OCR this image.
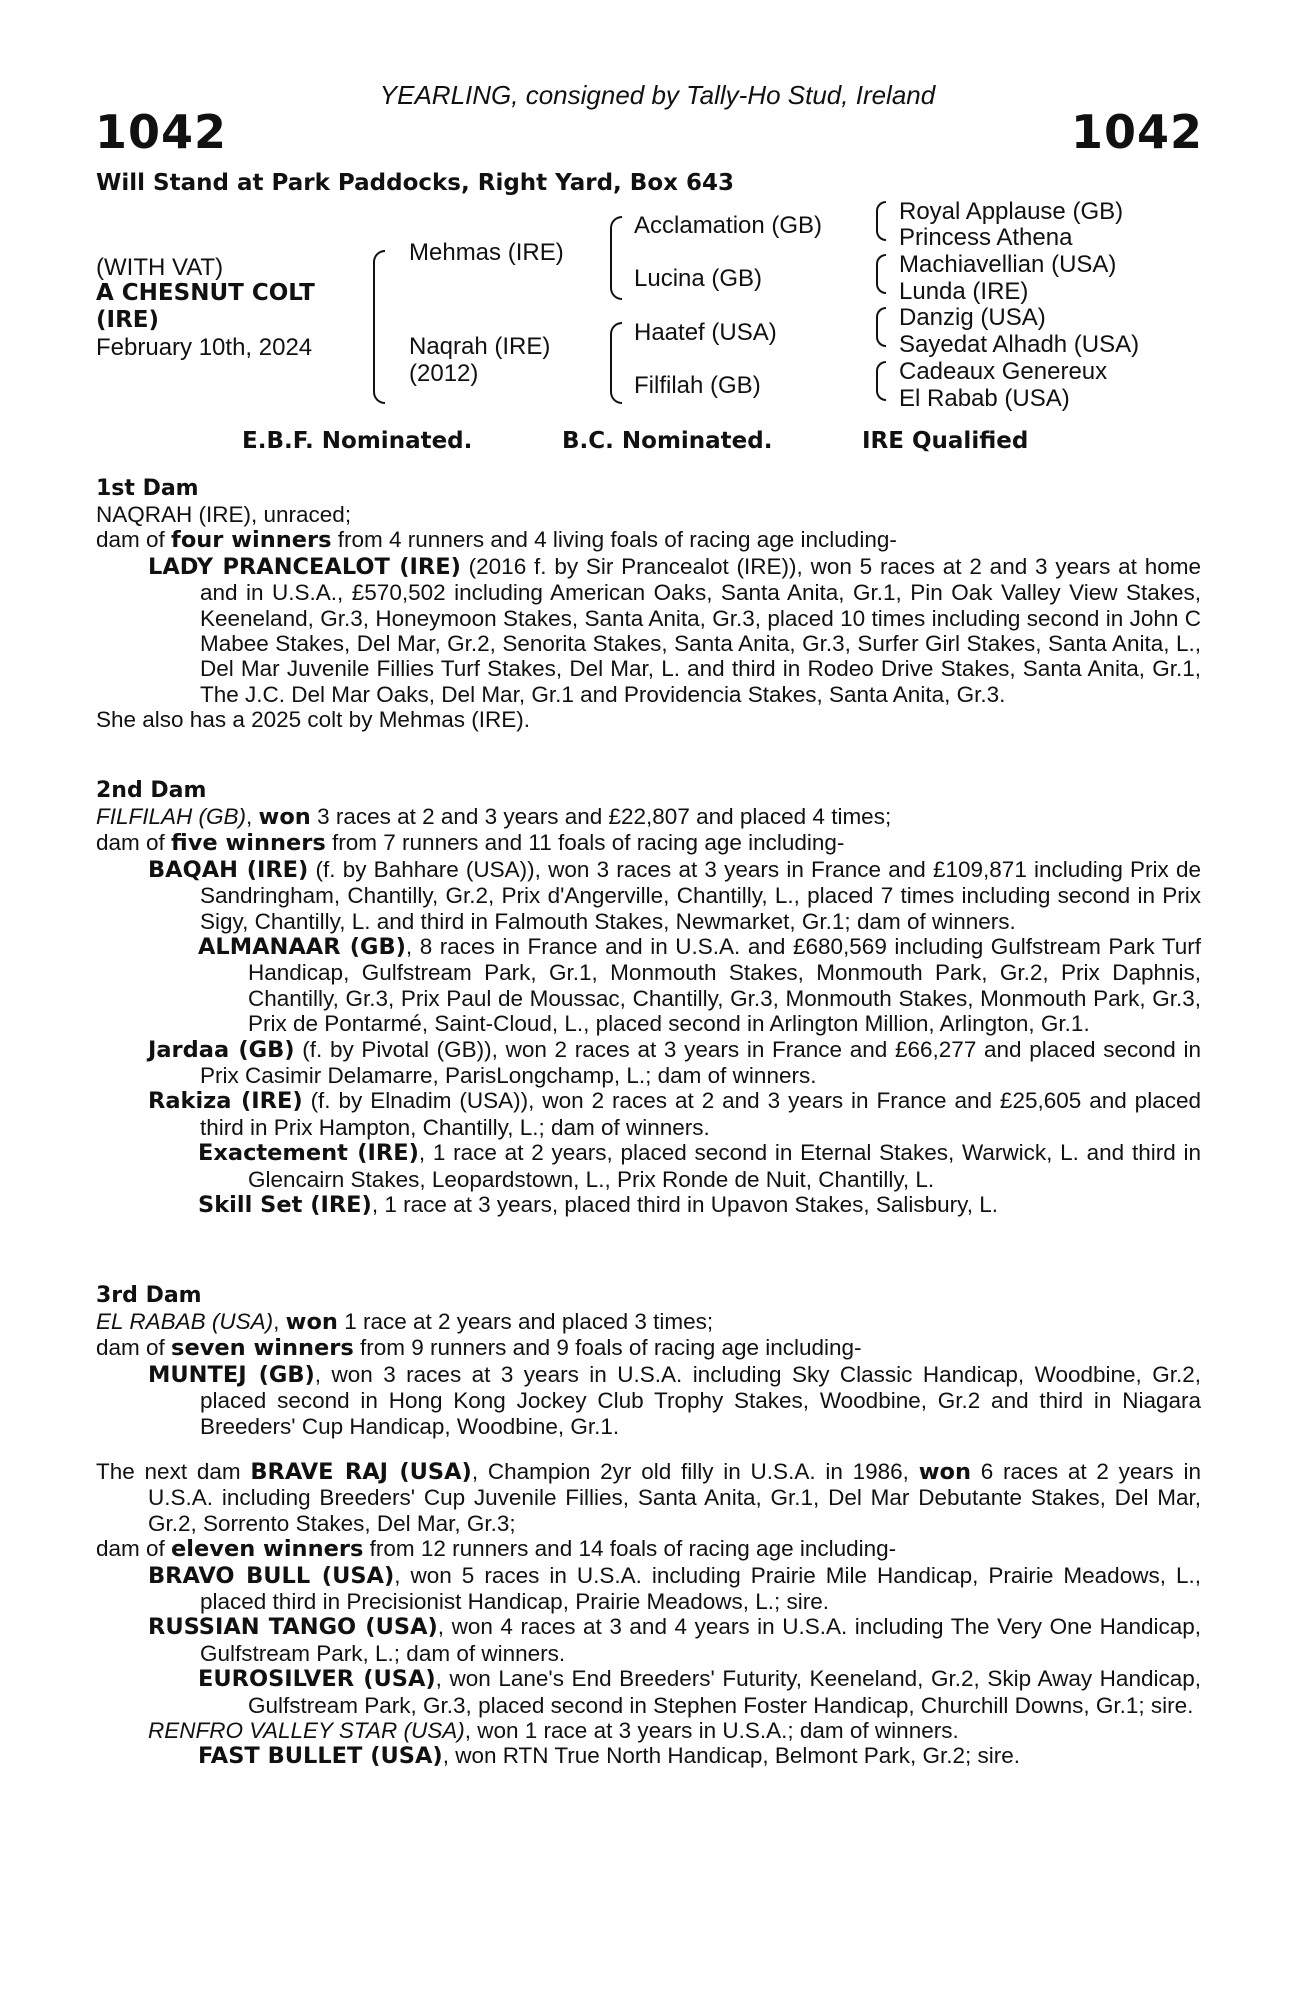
YEARLING, consigned by Tally-Ho Stud, Ireland
1042	1042
Will Stand at Park Paddocks, Right Yard, Box 643
(WITH VAT)
A CHESNUT COLT
(IRE)
February 10th, 2024
Mehmas (IRE)
Naqrah (IRE)
(2012)
Acclamation (GB)
Lucina (GB)
Haatef (USA)
Filfilah (GB)
Royal Applause (GB)
Princess Athena
Machiavellian (USA)
Lunda (IRE)
Danzig (USA)
Sayedat Alhadh (USA)
Cadeaux Genereux
El Rabab (USA)
E.B.F. Nominated.	B.C. Nominated.	IRE Qualified
1st Dam

NAQRAH (IRE), unraced;

dam of four winners from 4 runners and 4 living foals of racing age including-

LADY PRANCEALOT (IRE) (2016 f. by Sir Prancealot (IRE)), won 5 races at 2 and 3 years at home and in U.S.A., £570,502 including American Oaks, Santa Anita, Gr.1, Pin Oak Valley View Stakes, Keeneland, Gr.3, Honeymoon Stakes, Santa Anita, Gr.3, placed 10 times including second in John C Mabee Stakes, Del Mar, Gr.2, Senorita Stakes, Santa Anita, Gr.3, Surfer Girl Stakes, Santa Anita, L., Del Mar Juvenile Fillies Turf Stakes, Del Mar, L. and third in Rodeo Drive Stakes, Santa Anita, Gr.1, The J.C. Del Mar Oaks, Del Mar, Gr.1 and Providencia Stakes, Santa Anita, Gr.3.

She also has a 2025 colt by Mehmas (IRE).

2nd Dam

FILFILAH (GB), won 3 races at 2 and 3 years and £22,807 and placed 4 times;

dam of five winners from 7 runners and 11 foals of racing age including-

BAQAH (IRE) (f. by Bahhare (USA)), won 3 races at 3 years in France and £109,871 including Prix de Sandringham, Chantilly, Gr.2, Prix d'Angerville, Chantilly, L., placed 7 times including second in Prix Sigy, Chantilly, L. and third in Falmouth Stakes, Newmarket, Gr.1; dam of winners.

ALMANAAR (GB), 8 races in France and in U.S.A. and £680,569 including Gulfstream Park Turf Handicap, Gulfstream Park, Gr.1, Monmouth Stakes, Monmouth Park, Gr.2, Prix Daphnis, Chantilly, Gr.3, Prix Paul de Moussac, Chantilly, Gr.3, Monmouth Stakes, Monmouth Park, Gr.3, Prix de Pontarmé, Saint-Cloud, L., placed second in Arlington Million, Arlington, Gr.1.

Jardaa (GB) (f. by Pivotal (GB)), won 2 races at 3 years in France and £66,277 and placed second in Prix Casimir Delamarre, ParisLongchamp, L.; dam of winners.

Rakiza (IRE) (f. by Elnadim (USA)), won 2 races at 2 and 3 years in France and £25,605 and placed third in Prix Hampton, Chantilly, L.; dam of winners.

Exactement (IRE), 1 race at 2 years, placed second in Eternal Stakes, Warwick, L. and third in Glencairn Stakes, Leopardstown, L., Prix Ronde de Nuit, Chantilly, L.

Skill Set (IRE), 1 race at 3 years, placed third in Upavon Stakes, Salisbury, L.

3rd Dam

EL RABAB (USA), won 1 race at 2 years and placed 3 times;

dam of seven winners from 9 runners and 9 foals of racing age including-

MUNTEJ (GB), won 3 races at 3 years in U.S.A. including Sky Classic Handicap, Woodbine, Gr.2, placed second in Hong Kong Jockey Club Trophy Stakes, Woodbine, Gr.2 and third in Niagara Breeders' Cup Handicap, Woodbine, Gr.1.

The next dam BRAVE RAJ (USA), Champion 2yr old filly in U.S.A. in 1986, won 6 races at 2 years in U.S.A. including Breeders' Cup Juvenile Fillies, Santa Anita, Gr.1, Del Mar Debutante Stakes, Del Mar, Gr.2, Sorrento Stakes, Del Mar, Gr.3;

dam of eleven winners from 12 runners and 14 foals of racing age including-

BRAVO BULL (USA), won 5 races in U.S.A. including Prairie Mile Handicap, Prairie Meadows, L., placed third in Precisionist Handicap, Prairie Meadows, L.; sire.

RUSSIAN TANGO (USA), won 4 races at 3 and 4 years in U.S.A. including The Very One Handicap, Gulfstream Park, L.; dam of winners.

EUROSILVER (USA), won Lane's End Breeders' Futurity, Keeneland, Gr.2, Skip Away Handicap, Gulfstream Park, Gr.3, placed second in Stephen Foster Handicap, Churchill Downs, Gr.1; sire.

RENFRO VALLEY STAR (USA), won 1 race at 3 years in U.S.A.; dam of winners.

FAST BULLET (USA), won RTN True North Handicap, Belmont Park, Gr.2; sire.
